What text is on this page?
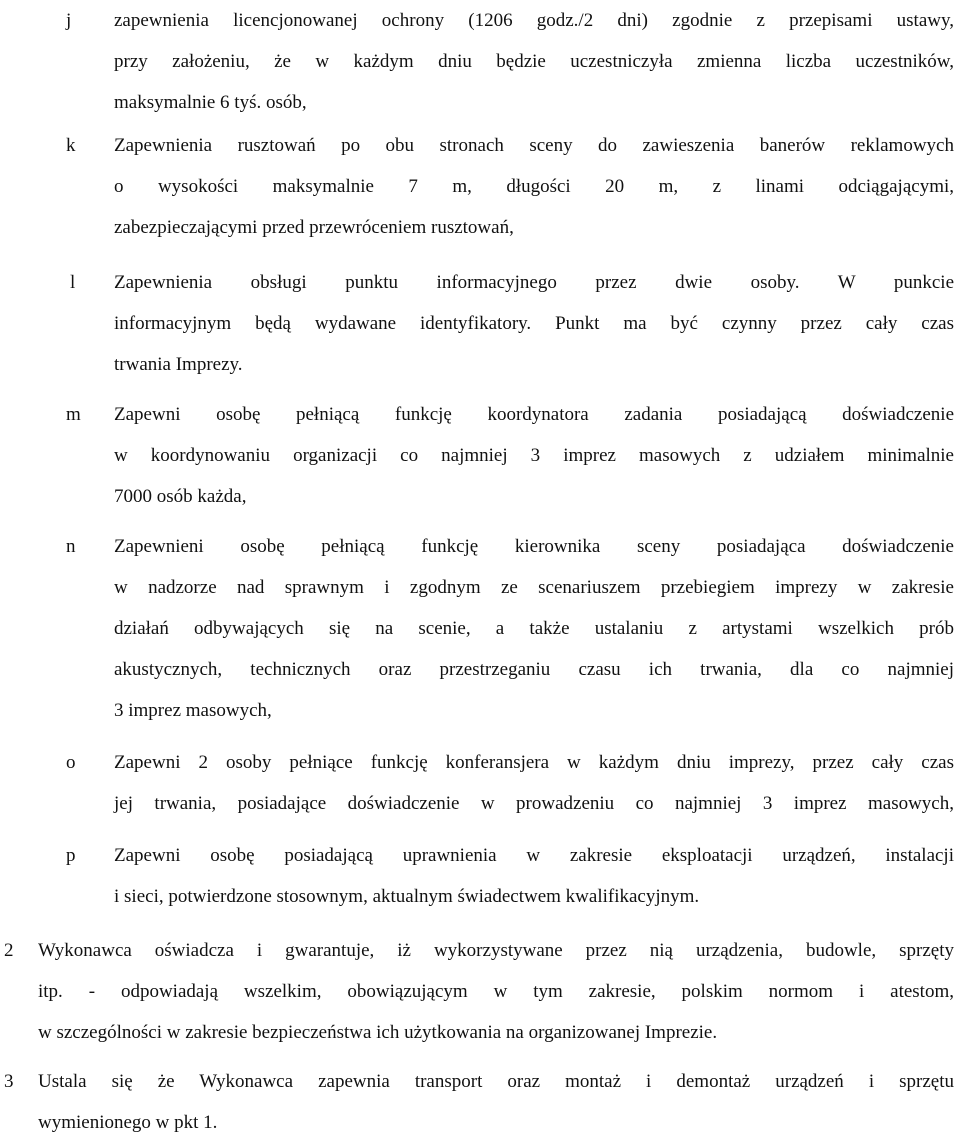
j zapewnienia licencjonowanej ochrony (1206 godz./2 dni) zgodnie z przepisami ustawy,
przy założeniu, że w każdym dniu będzie uczestniczyła zmienna liczba uczestników,
maksymalnie 6 tyś. osób,
k Zapewnienia rusztowań po obu stronach sceny do zawieszenia banerów reklamowych
o wysokości maksymalnie 7 m, długości 20 m, z linami odciągającymi,
zabezpieczającymi przed przewróceniem rusztowań,
l Zapewnienia obsługi punktu informacyjnego przez dwie osoby. W punkcie
informacyjnym będą wydawane identyfikatory. Punkt ma być czynny przez cały czas
trwania Imprezy.
m Zapewni osobę pełniącą funkcję koordynatora zadania posiadającą doświadczenie
w koordynowaniu organizacji co najmniej 3 imprez masowych z udziałem minimalnie
7000 osób każda,
n Zapewnieni osobę pełniącą funkcję kierownika sceny posiadająca doświadczenie
w nadzorze nad sprawnym i zgodnym ze scenariuszem przebiegiem imprezy w zakresie
działań odbywających się na scenie, a także ustalaniu z artystami wszelkich prób
akustycznych, technicznych oraz przestrzeganiu czasu ich trwania, dla co najmniej
3 imprez masowych,
o Zapewni 2 osoby pełniące funkcję konferansjera w każdym dniu imprezy, przez cały czas
jej trwania, posiadające doświadczenie w prowadzeniu co najmniej 3 imprez masowych,
p Zapewni osobę posiadającą uprawnienia w zakresie eksploatacji urządzeń, instalacji
i sieci, potwierdzone stosownym, aktualnym świadectwem kwalifikacyjnym.
2 Wykonawca oświadcza i gwarantuje, iż wykorzystywane przez nią urządzenia, budowle, sprzęty
itp. - odpowiadają wszelkim, obowiązującym w tym zakresie, polskim normom i atestom,
w szczególności w zakresie bezpieczeństwa ich użytkowania na organizowanej Imprezie.
3 Ustala się że Wykonawca zapewnia transport oraz montaż i demontaż urządzeń i sprzętu
wymienionego w pkt 1.
